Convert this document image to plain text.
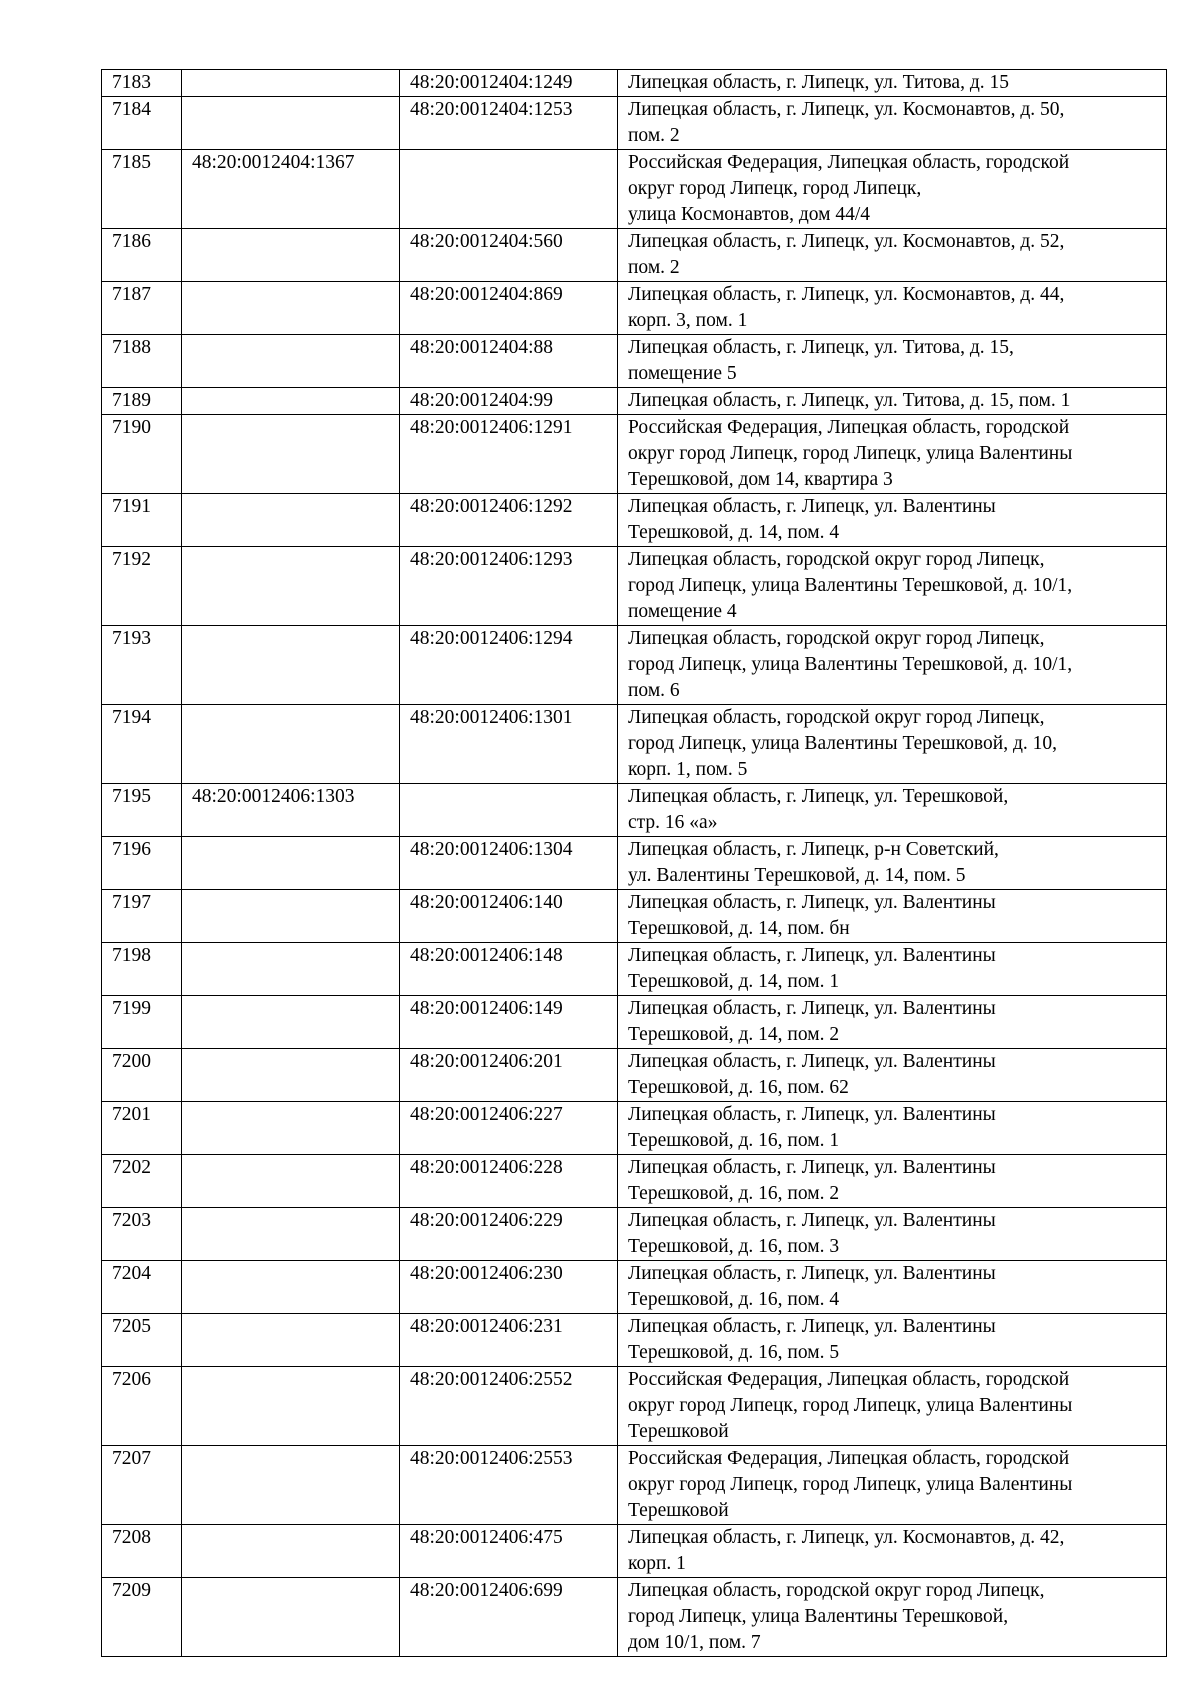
7183		48:20:0012404:1249	Липецкая область, г. Липецк, ул. Титова, д. 15
7184		48:20:0012404:1253	Липецкая область, г. Липецк, ул. Космонавтов, д. 50,
пом. 2
7185	48:20:0012404:1367		Российская Федерация, Липецкая область, городской
округ город Липецк, город Липецк,
улица Космонавтов, дом 44/4
7186		48:20:0012404:560	Липецкая область, г. Липецк, ул. Космонавтов, д. 52,
пом. 2
7187		48:20:0012404:869	Липецкая область, г. Липецк, ул. Космонавтов, д. 44,
корп. 3, пом. 1
7188		48:20:0012404:88	Липецкая область, г. Липецк, ул. Титова, д. 15,
помещение 5
7189		48:20:0012404:99	Липецкая область, г. Липецк, ул. Титова, д. 15, пом. 1
7190		48:20:0012406:1291	Российская Федерация, Липецкая область, городской
округ город Липецк, город Липецк, улица Валентины
Терешковой, дом 14, квартира 3
7191		48:20:0012406:1292	Липецкая область, г. Липецк, ул. Валентины
Терешковой, д. 14, пом. 4
7192		48:20:0012406:1293	Липецкая область, городской округ город Липецк,
город Липецк, улица Валентины Терешковой, д. 10/1,
помещение 4
7193		48:20:0012406:1294	Липецкая область, городской округ город Липецк,
город Липецк, улица Валентины Терешковой, д. 10/1,
пом. 6
7194		48:20:0012406:1301	Липецкая область, городской округ город Липецк,
город Липецк, улица Валентины Терешковой, д. 10,
корп. 1, пом. 5
7195	48:20:0012406:1303		Липецкая область, г. Липецк, ул. Терешковой,
стр. 16 «а»
7196		48:20:0012406:1304	Липецкая область, г. Липецк, р-н Советский,
ул. Валентины Терешковой, д. 14, пом. 5
7197		48:20:0012406:140	Липецкая область, г. Липецк, ул. Валентины
Терешковой, д. 14, пом. бн
7198		48:20:0012406:148	Липецкая область, г. Липецк, ул. Валентины
Терешковой, д. 14, пом. 1
7199		48:20:0012406:149	Липецкая область, г. Липецк, ул. Валентины
Терешковой, д. 14, пом. 2
7200		48:20:0012406:201	Липецкая область, г. Липецк, ул. Валентины
Терешковой, д. 16, пом. 62
7201		48:20:0012406:227	Липецкая область, г. Липецк, ул. Валентины
Терешковой, д. 16, пом. 1
7202		48:20:0012406:228	Липецкая область, г. Липецк, ул. Валентины
Терешковой, д. 16, пом. 2
7203		48:20:0012406:229	Липецкая область, г. Липецк, ул. Валентины
Терешковой, д. 16, пом. 3
7204		48:20:0012406:230	Липецкая область, г. Липецк, ул. Валентины
Терешковой, д. 16, пом. 4
7205		48:20:0012406:231	Липецкая область, г. Липецк, ул. Валентины
Терешковой, д. 16, пом. 5
7206		48:20:0012406:2552	Российская Федерация, Липецкая область, городской
округ город Липецк, город Липецк, улица Валентины
Терешковой
7207		48:20:0012406:2553	Российская Федерация, Липецкая область, городской
округ город Липецк, город Липецк, улица Валентины
Терешковой
7208		48:20:0012406:475	Липецкая область, г. Липецк, ул. Космонавтов, д. 42,
корп. 1
7209		48:20:0012406:699	Липецкая область, городской округ город Липецк,
город Липецк, улица Валентины Терешковой,
дом 10/1, пом. 7
